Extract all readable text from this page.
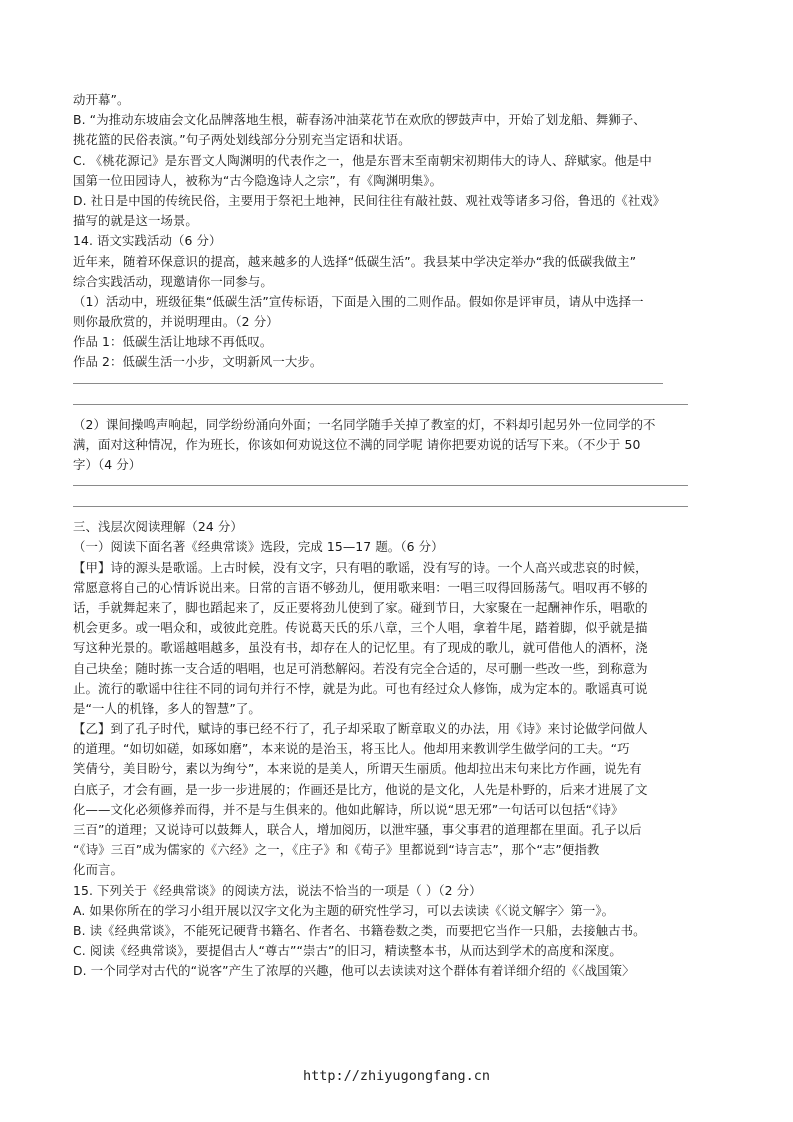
动开幕”。
B. “为推动东坡庙会文化品牌落地生根，蕲春汤冲油菜花节在欢欣的锣鼓声中，开始了划龙船、舞狮子、
挑花篮的民俗表演。”句子两处划线部分分别充当定语和状语。
C. 《桃花源记》是东晋文人陶渊明的代表作之一，他是东晋末至南朝宋初期伟大的诗人、辞赋家。他是中
国第一位田园诗人，被称为“古今隐逸诗人之宗”，有《陶渊明集》。
D. 社日是中国的传统民俗，主要用于祭祀土地神，民间往往有敲社鼓、观社戏等诸多习俗，鲁迅的《社戏》
描写的就是这一场景。
14. 语文实践活动（6 分）
近年来，随着环保意识的提高，越来越多的人选择“低碳生活”。我县某中学决定举办“我的低碳我做主”
综合实践活动，现邀请你一同参与。
（1）活动中，班级征集“低碳生活”宣传标语，下面是入围的二则作品。假如你是评审员，请从中选择一
则你最欣赏的，并说明理由。（2 分）
作品 1：低碳生活让地球不再低叹。
作品 2：低碳生活一小步，文明新风一大步。
（2）课间操鸣声响起，同学纷纷涌向外面；一名同学随手关掉了教室的灯，不料却引起另外一位同学的不
满，面对这种情况，作为班长，你该如何劝说这位不满的同学呢 请你把要劝说的话写下来。（不少于 50
字）（4 分）
三、浅层次阅读理解（24 分）
（一）阅读下面名著《经典常谈》选段，完成 15—17 题。（6 分）
【甲】诗的源头是歌谣。上古时候，没有文字，只有唱的歌谣，没有写的诗。一个人高兴或悲哀的时候，
常愿意将自己的心情诉说出来。日常的言语不够劲儿，便用歌来唱：一唱三叹得回肠荡气。唱叹再不够的
话，手就舞起来了，脚也蹈起来了，反正要将劲儿使到了家。碰到节日，大家聚在一起酬神作乐，唱歌的
机会更多。或一唱众和，或彼此竞胜。传说葛天氏的乐八章，三个人唱，拿着牛尾，踏着脚，似乎就是描
写这种光景的。歌谣越唱越多，虽没有书，却存在人的记忆里。有了现成的歌儿，就可借他人的酒杯，浇
自己块垒；随时拣一支合适的唱唱，也足可消愁解闷。若没有完全合适的，尽可删一些改一些，到称意为
止。流行的歌谣中往往不同的词句并行不悖，就是为此。可也有经过众人修饰，成为定本的。歌谣真可说
是“一人的机锋，多人的智慧”了。
【乙】到了孔子时代，赋诗的事已经不行了，孔子却采取了断章取义的办法，用《诗》来讨论做学问做人
的道理。“如切如磋，如琢如磨”，本来说的是治玉，将玉比人。他却用来教训学生做学问的工夫。“巧
笑倩兮，美目盼兮，素以为绚兮”，本来说的是美人，所谓天生丽质。他却拉出末句来比方作画，说先有
白底子，才会有画，是一步一步进展的；作画还是比方，他说的是文化，人先是朴野的，后来才进展了文
化——文化必须修养而得，并不是与生俱来的。他如此解诗，所以说“思无邪”一句话可以包括“《诗》
三百”的道理；又说诗可以鼓舞人，联合人，增加阅历，以泄牢骚，事父事君的道理都在里面。孔子以后
“《诗》三百”成为儒家的《六经》之一，《庄子》和《荀子》里都说到“诗言志”，那个“志”便指教
化而言。
15. 下列关于《经典常谈》的阅读方法，说法不恰当的一项是（ ）（2 分）
A. 如果你所在的学习小组开展以汉字文化为主题的研究性学习，可以去读读《〈说文解字〉第一》。
B. 读《经典常谈》，不能死记硬背书籍名、作者名、书籍卷数之类，而要把它当作一只船，去接触古书。
C. 阅读《经典常谈》，要提倡古人“尊古”“崇古”的旧习，精读整本书，从而达到学术的高度和深度。
D. 一个同学对古代的“说客”产生了浓厚的兴趣，他可以去读读对这个群体有着详细介绍的《〈战国策〉
http://zhiyugongfang.cn
